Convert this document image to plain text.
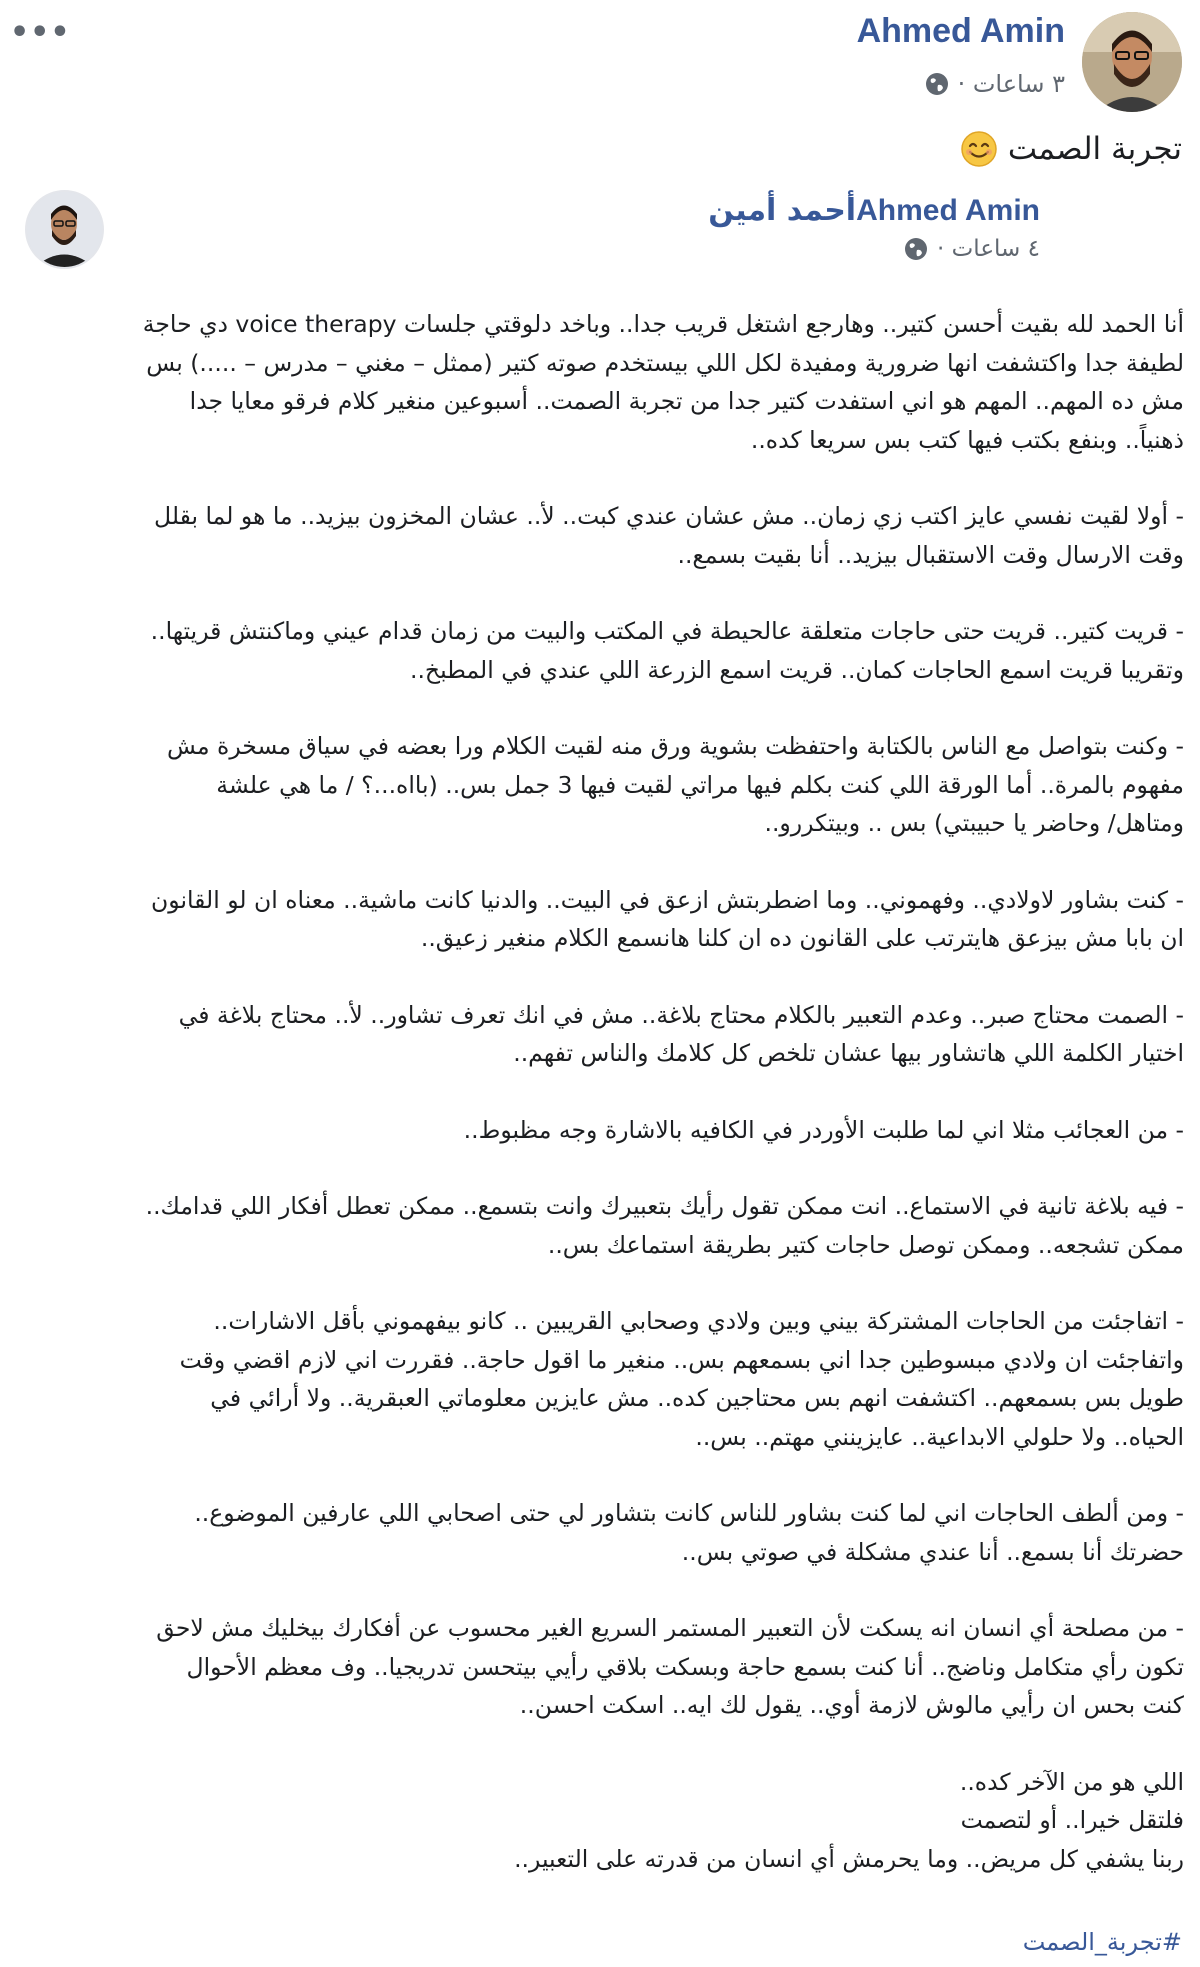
•••	Ahmed Amin
٣ ساعات ·
تجربة الصمت
أحمد أمينAhmed Amin
٤ ساعات ·

أنا الحمد لله بقيت أحسن كتير.. وهارجع اشتغل قريب جدا.. وباخد دلوقتي جلسات voice therapy دي حاجة لطيفة جدا واكتشفت انها ضرورية ومفيدة لكل اللي بيستخدم صوته كتير (ممثل – مغني – مدرس – .....) بس مش ده المهم.. المهم هو اني استفدت كتير جدا من تجربة الصمت.. أسبوعين منغير كلام فرقو معايا جدا ذهنياً.. وبنفع بكتب فيها كتب بس سريعا كده..

- أولا لقيت نفسي عايز اكتب زي زمان.. مش عشان عندي كبت.. لأ.. عشان المخزون بيزيد.. ما هو لما بقلل وقت الارسال وقت الاستقبال بيزيد.. أنا بقيت بسمع..

- قريت كتير.. قريت حتى حاجات متعلقة عالحيطة في المكتب والبيت من زمان قدام عيني وماكنتش قريتها.. وتقريبا قريت اسمع الحاجات كمان.. قريت اسمع الزرعة اللي عندي في المطبخ..

- وكنت بتواصل مع الناس بالكتابة واحتفظت بشوية ورق منه لقيت الكلام ورا بعضه في سياق مسخرة مش مفهوم بالمرة.. أما الورقة اللي كنت بكلم فيها مراتي لقيت فيها 3 جمل بس.. (بااه...؟ / ما هي علشة ومتاهل/ وحاضر يا حبيبتي) بس .. وبيتكررو..

- كنت بشاور لاولادي.. وفهموني.. وما اضطربتش ازعق في البيت.. والدنيا كانت ماشية.. معناه ان لو القانون ان بابا مش بيزعق هايترتب على القانون ده ان كلنا هانسمع الكلام منغير زعيق..

- الصمت محتاج صبر.. وعدم التعبير بالكلام محتاج بلاغة.. مش في انك تعرف تشاور.. لأ.. محتاج بلاغة في اختيار الكلمة اللي هاتشاور بيها عشان تلخص كل كلامك والناس تفهم..

- من العجائب مثلا اني لما طلبت الأوردر في الكافيه بالاشارة وجه مظبوط..

- فيه بلاغة تانية في الاستماع.. انت ممكن تقول رأيك بتعبيرك وانت بتسمع.. ممكن تعطل أفكار اللي قدامك.. ممكن تشجعه.. وممكن توصل حاجات كتير بطريقة استماعك بس..

- اتفاجئت من الحاجات المشتركة بيني وبين ولادي وصحابي القريبين .. كانو بيفهموني بأقل الاشارات.. واتفاجئت ان ولادي مبسوطين جدا اني بسمعهم بس.. منغير ما اقول حاجة.. فقررت اني لازم اقضي وقت طويل بس بسمعهم.. اكتشفت انهم بس محتاجين كده.. مش عايزين معلوماتي العبقرية.. ولا أرائي في الحياه.. ولا حلولي الابداعية.. عايزينني مهتم.. بس..

- ومن ألطف الحاجات اني لما كنت بشاور للناس كانت بتشاور لي حتى اصحابي اللي عارفين الموضوع.. حضرتك أنا بسمع.. أنا عندي مشكلة في صوتي بس..

- من مصلحة أي انسان انه يسكت لأن التعبير المستمر السريع الغير محسوب عن أفكارك بيخليك مش لاحق تكون رأي متكامل وناضج.. أنا كنت بسمع حاجة وبسكت بلاقي رأيي بيتحسن تدريجيا.. وف معظم الأحوال كنت بحس ان رأيي مالوش لازمة أوي.. يقول لك ايه.. اسكت احسن..

اللي هو من الآخر كده..
فلتقل خيرا.. أو لتصمت
ربنا يشفي كل مريض.. وما يحرمش أي انسان من قدرته على التعبير..

#تجربة_الصمت
